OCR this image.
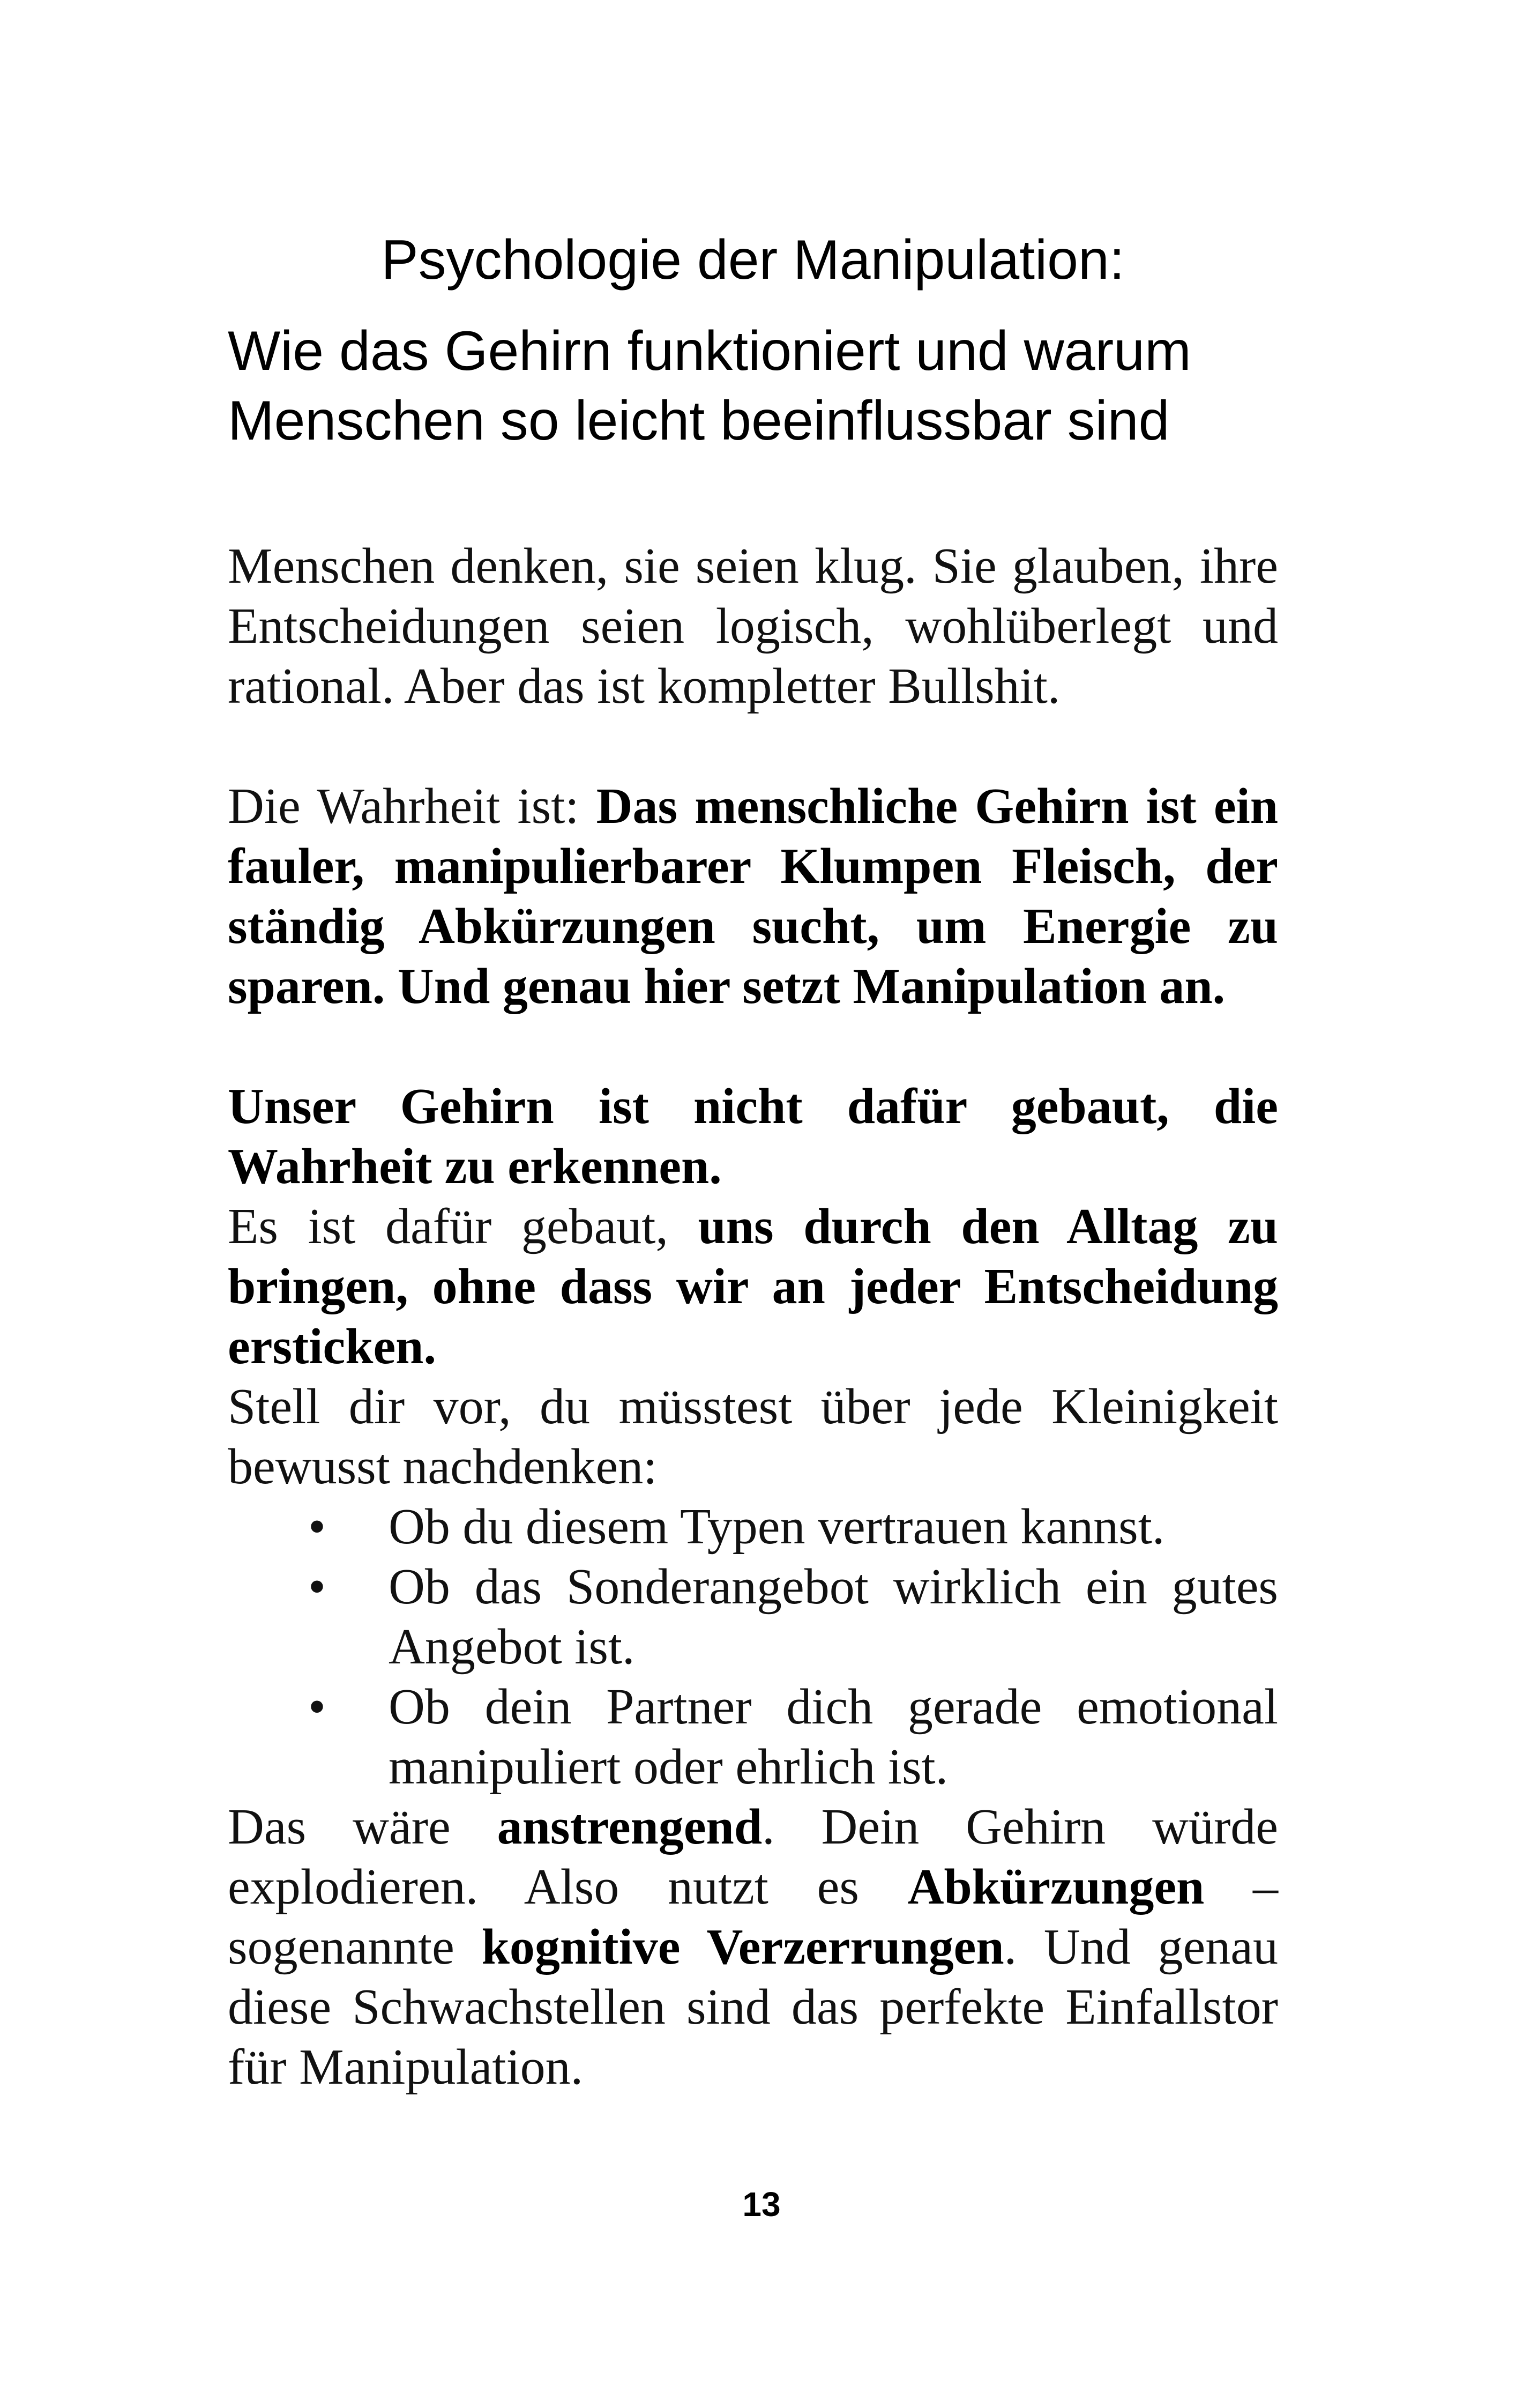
Psychologie der Manipulation:
Wie das Gehirn funktioniert und warum
Menschen so leicht beeinflussbar sind

Menschen denken, sie seien klug. Sie glauben, ihre Entscheidungen seien logisch, wohlüberlegt und rational. Aber das ist kompletter Bullshit.

Die Wahrheit ist: Das menschliche Gehirn ist ein fauler, manipulierbarer Klumpen Fleisch, der ständig Abkürzungen sucht, um Energie zu sparen. Und genau hier setzt Manipulation an.

Unser Gehirn ist nicht dafür gebaut, die Wahrheit zu erkennen.

Es ist dafür gebaut, uns durch den Alltag zu bringen, ohne dass wir an jeder Entscheidung ersticken.

Stell dir vor, du müsstest über jede Kleinigkeit bewusst nachdenken:

• Ob du diesem Typen vertrauen kannst.
• Ob das Sonderangebot wirklich ein gutes Angebot ist.
• Ob dein Partner dich gerade emotional manipuliert oder ehrlich ist.

Das wäre anstrengend. Dein Gehirn würde explodieren. Also nutzt es Abkürzungen – sogenannte kognitive Verzerrungen. Und genau diese Schwachstellen sind das perfekte Einfallstor für Manipulation.

13
